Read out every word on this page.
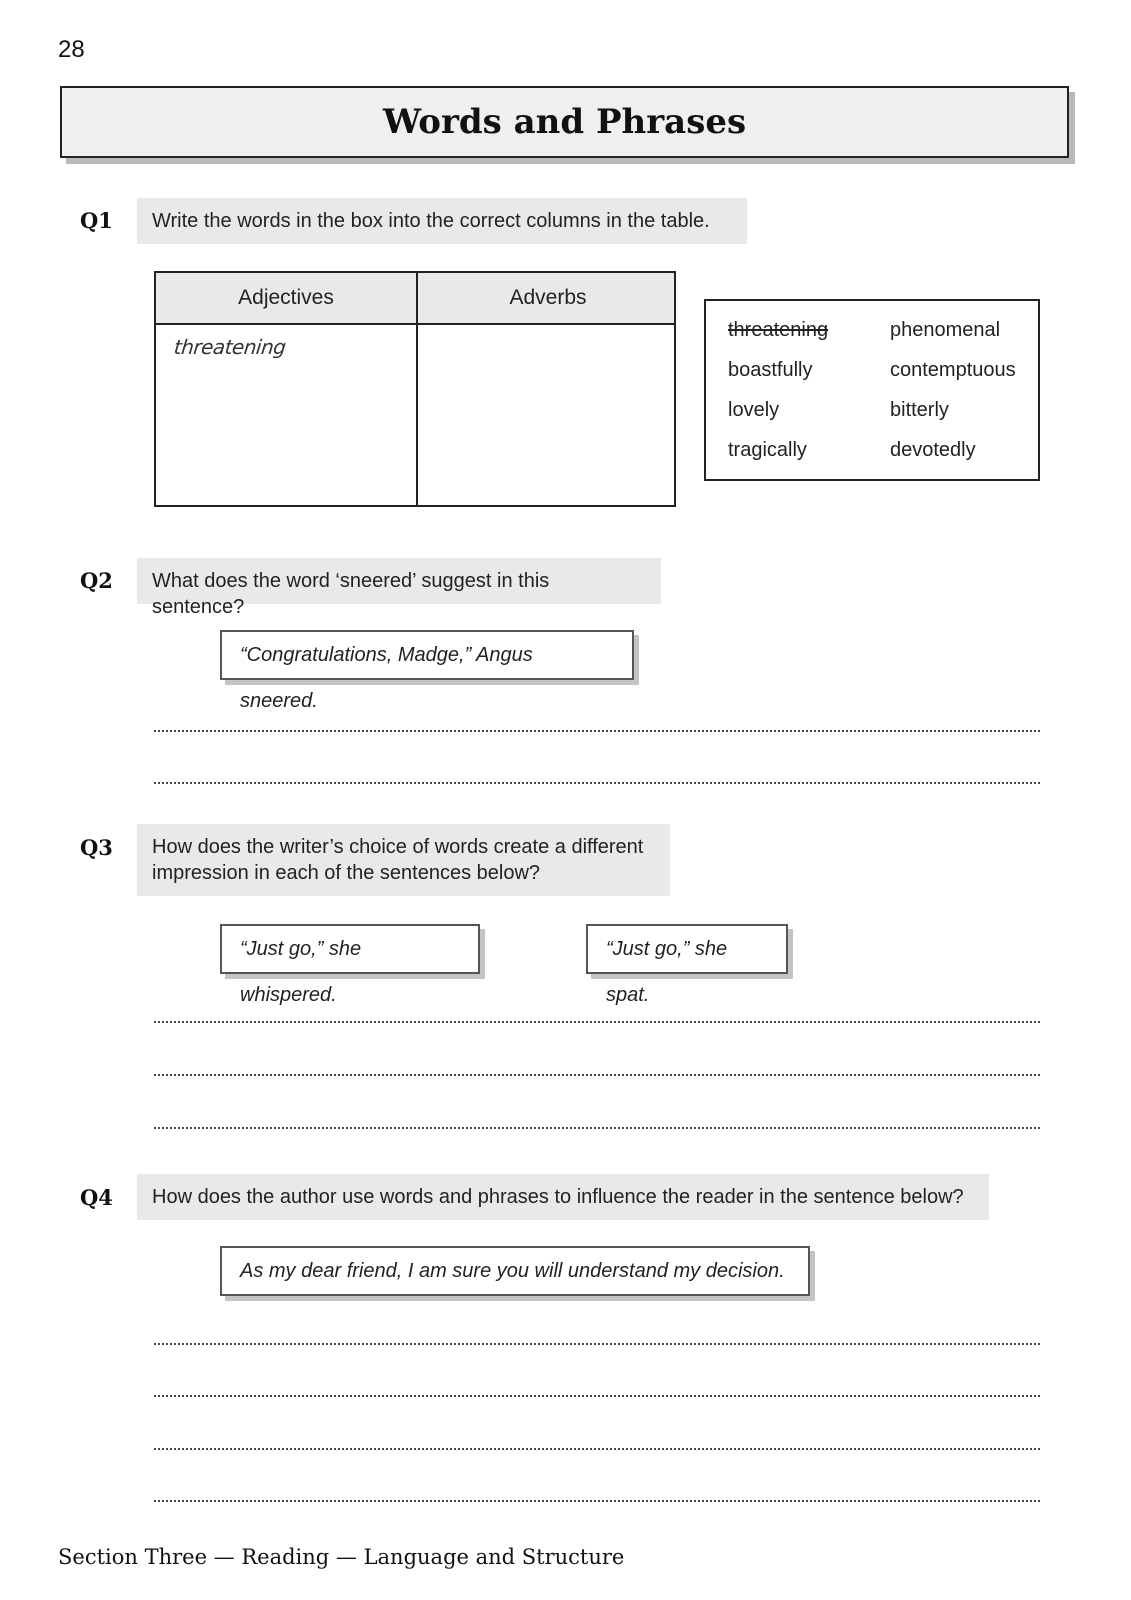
28
Words and Phrases
Q1	Write the words in the box into the correct columns in the table.
Adjectives	Adverbs
threatening
threatening
boastfully
lovely
tragically
phenomenal
contemptuous
bitterly
devotedly
Q2	What does the word ‘sneered’ suggest in this sentence?
“Congratulations, Madge,” Angus sneered.
Q3 How does the writer’s choice of words create a different
impression in each of the sentences below?
“Just go,” she whispered.
“Just go,” she spat.
Q4	How does the author use words and phrases to influence the reader in the sentence below?
As my dear friend, I am sure you will understand my decision.
Section Three — Reading — Language and Structure
